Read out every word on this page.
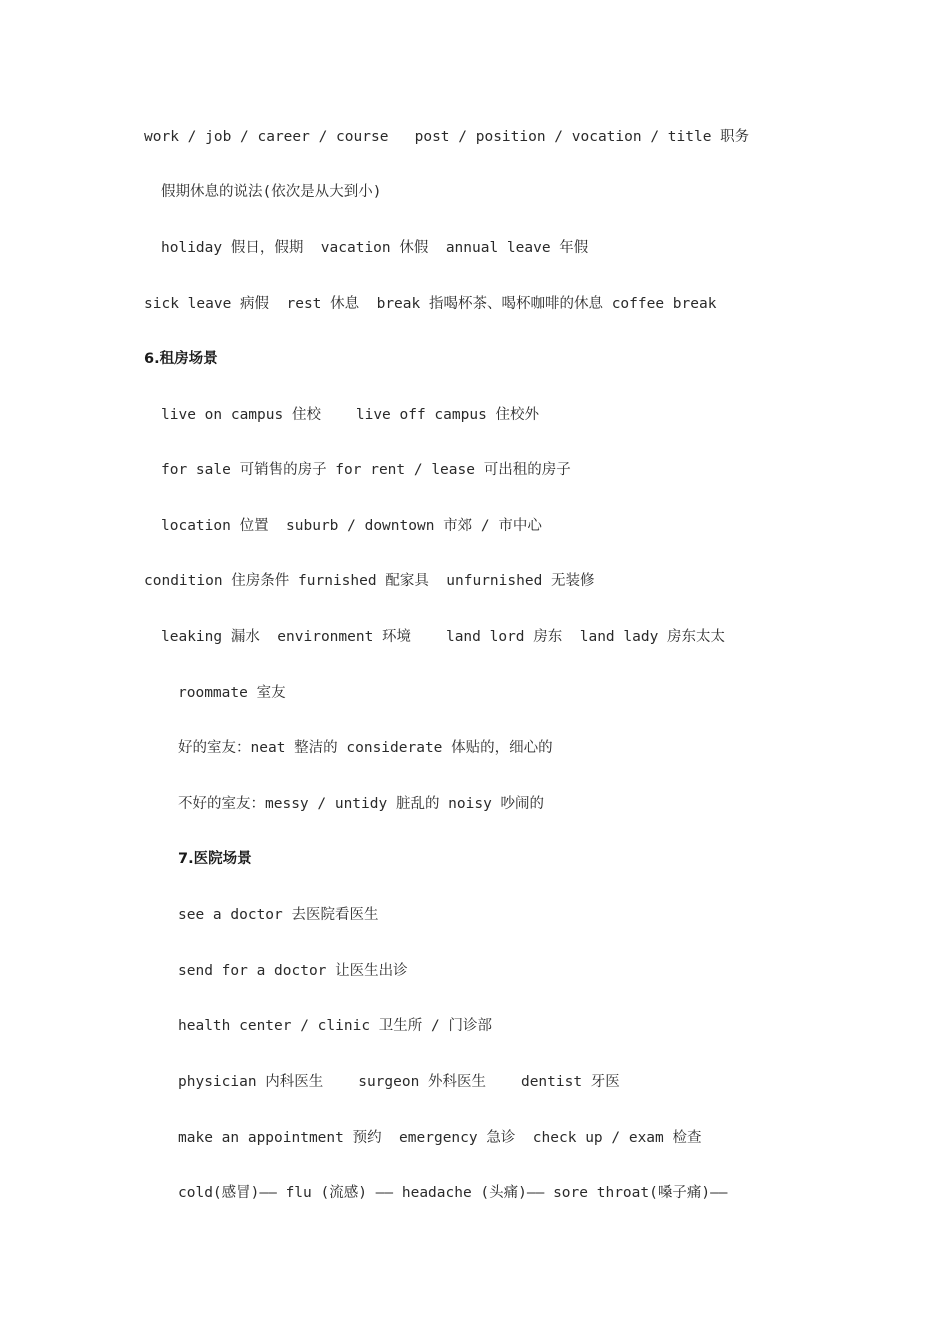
work / job / career / course   post / position / vocation / title 职务
假期休息的说法(依次是从大到小)
holiday 假日，假期  vacation 休假  annual leave 年假
sick leave 病假  rest 休息  break 指喝杯茶、喝杯咖啡的休息 coffee break
6.租房场景
live on campus 住校    live off campus 住校外
for sale 可销售的房子 for rent / lease 可出租的房子
location 位置  suburb / downtown 市郊 / 市中心
condition 住房条件 furnished 配家具  unfurnished 无装修
leaking 漏水  environment 环境    land lord 房东  land lady 房东太太
roommate 室友
好的室友：neat 整洁的 considerate 体贴的，细心的
不好的室友：messy / untidy 脏乱的 noisy 吵闹的
7.医院场景
see a doctor 去医院看医生
send for a doctor 让医生出诊
health center / clinic 卫生所 / 门诊部
physician 内科医生    surgeon 外科医生    dentist 牙医
make an appointment 预约  emergency 急诊  check up / exam 检查
cold(感冒)—— flu (流感) —— headache (头痛)—— sore throat(嗓子痛)——
